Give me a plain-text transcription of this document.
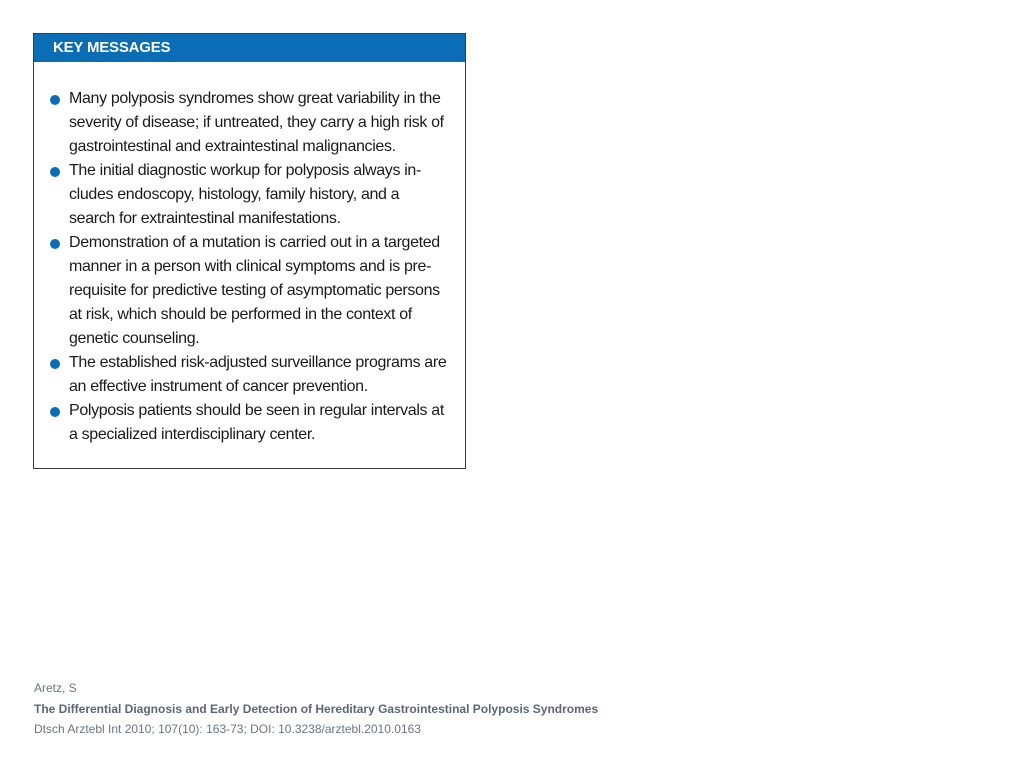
KEY MESSAGES
Many polyposis syndromes show great variability in the
severity of disease; if untreated, they carry a high risk of
gastrointestinal and extraintestinal malignancies.
The initial diagnostic workup for polyposis always in-
cludes endoscopy, histology, family history, and a
search for extraintestinal manifestations.
Demonstration of a mutation is carried out in a targeted
manner in a person with clinical symptoms and is pre-
requisite for predictive testing of asymptomatic persons
at risk, which should be performed in the context of
genetic counseling.
The established risk-adjusted surveillance programs are
an effective instrument of cancer prevention.
Polyposis patients should be seen in regular intervals at
a specialized interdisciplinary center.
Aretz, S
The Differential Diagnosis and Early Detection of Hereditary Gastrointestinal Polyposis Syndromes
Dtsch Arztebl Int 2010; 107(10): 163-73; DOI: 10.3238/arztebl.2010.0163
